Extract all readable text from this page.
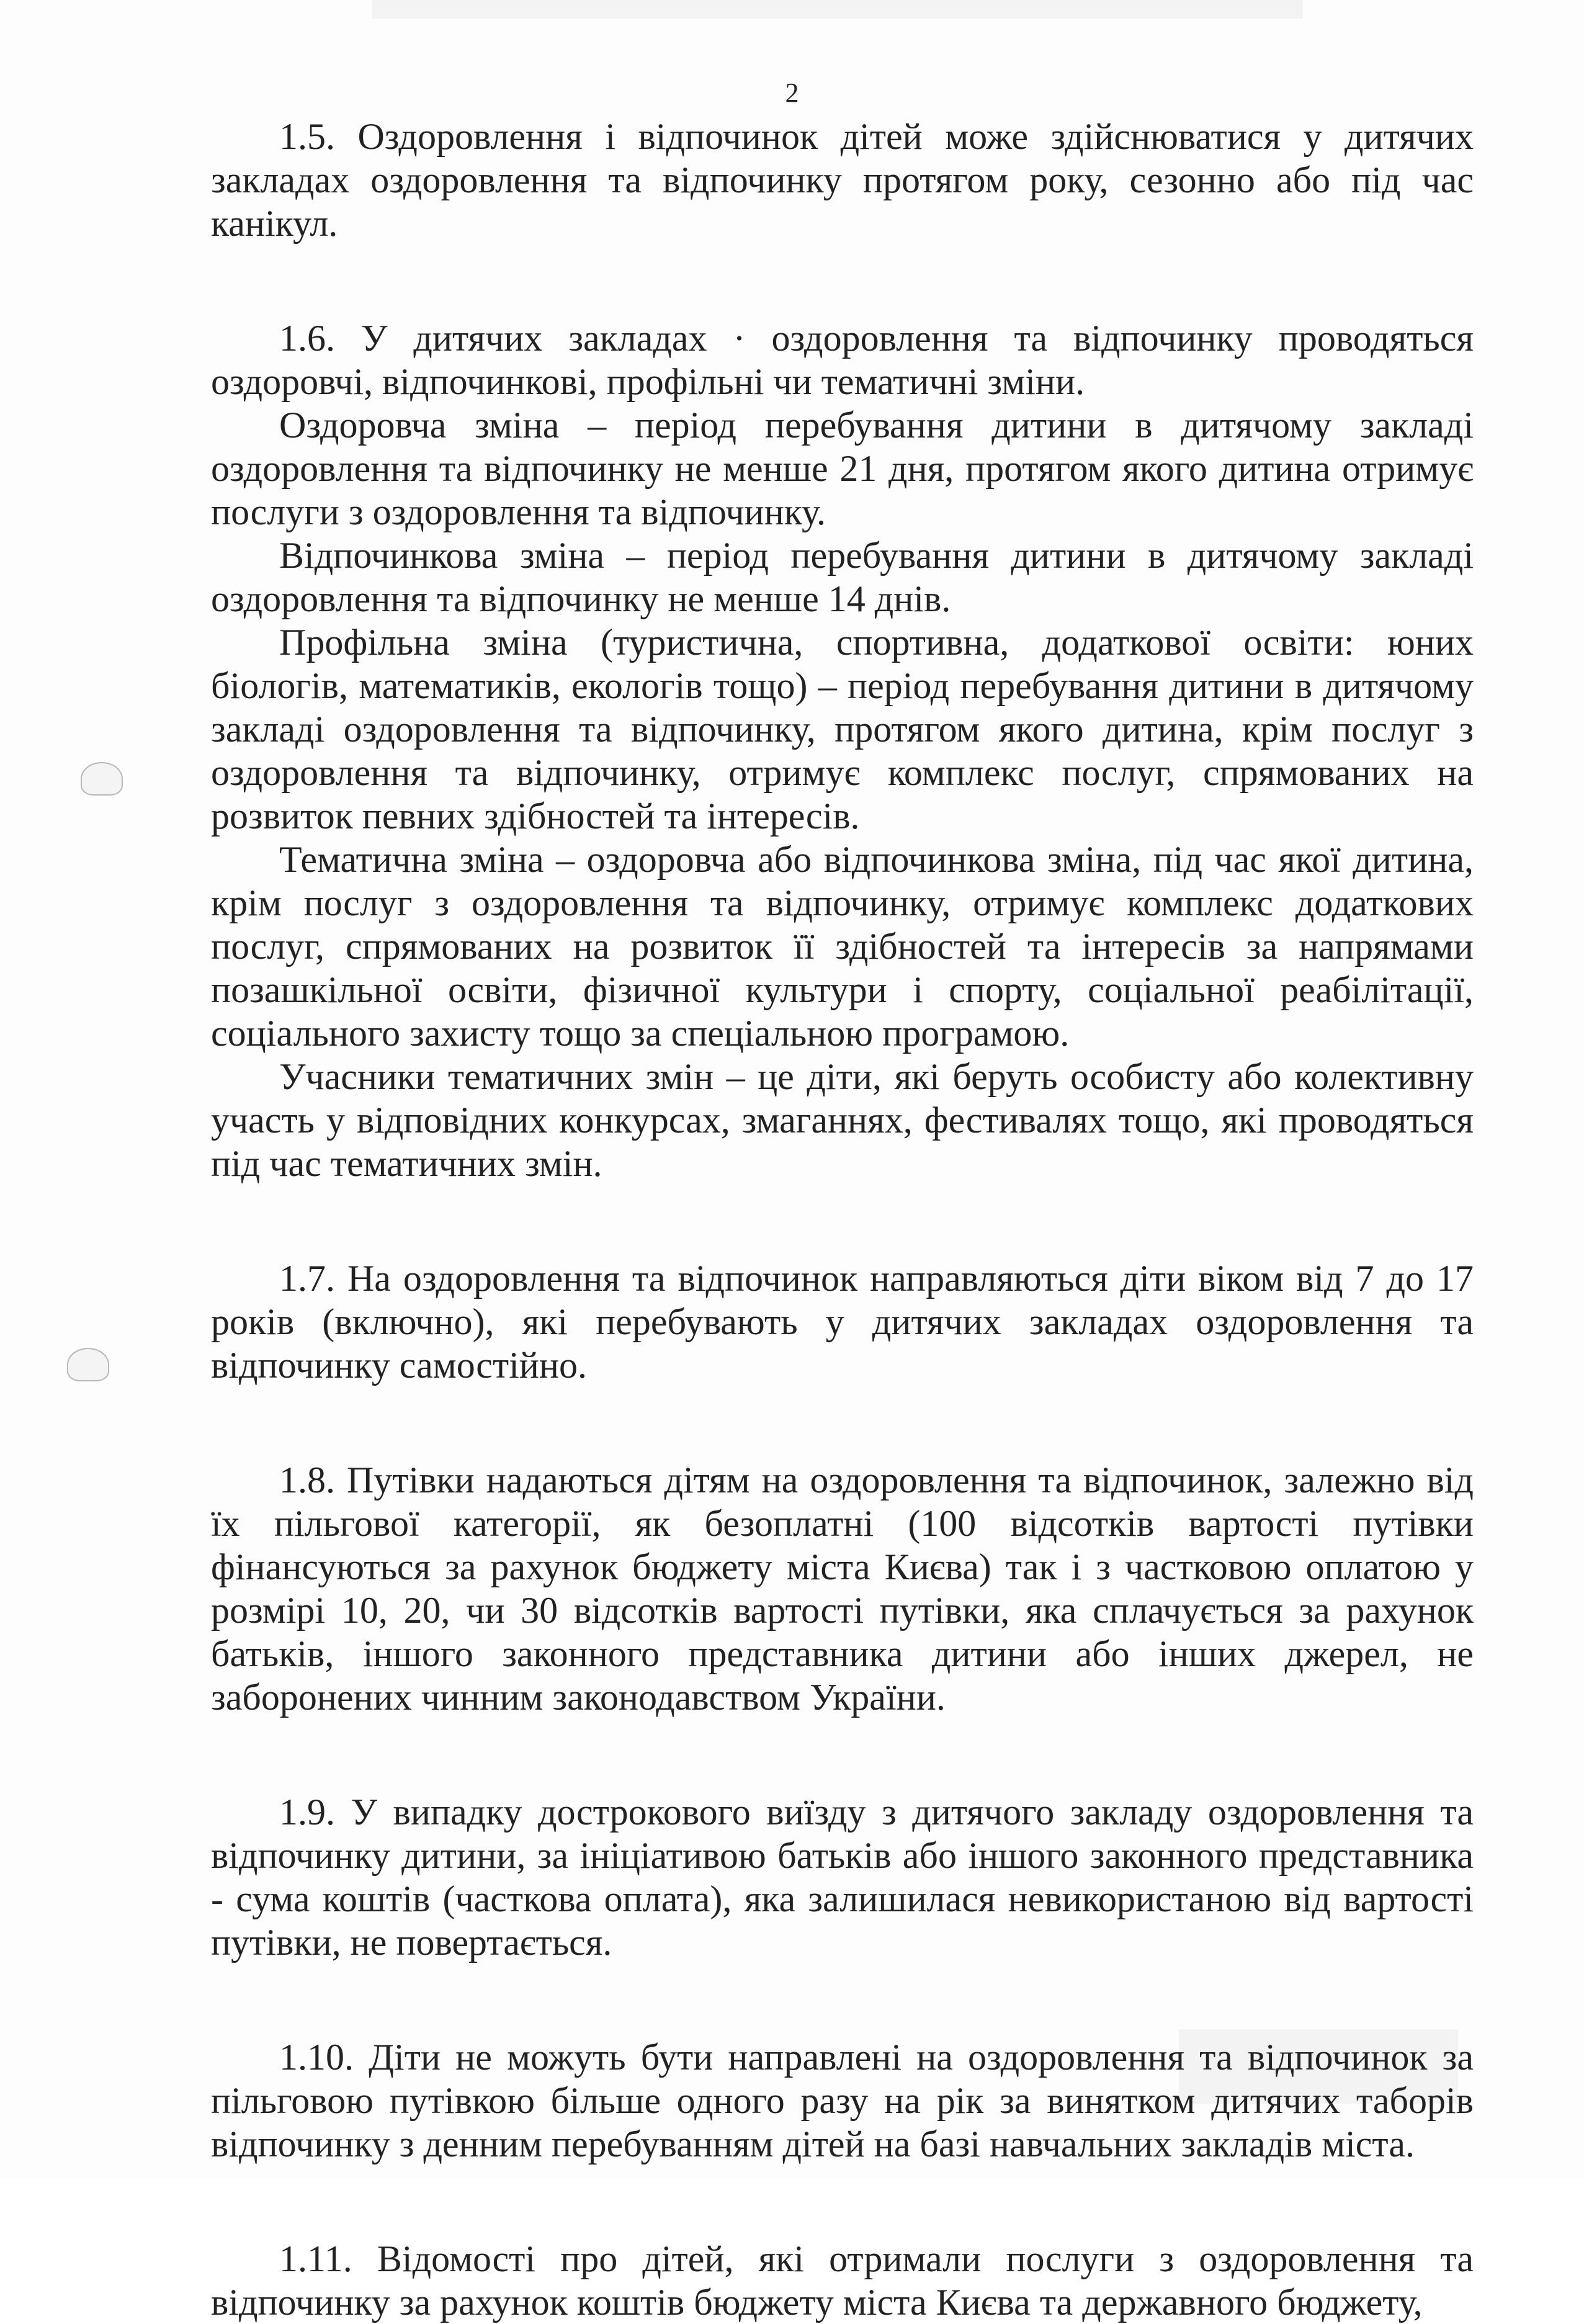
2

1.5. Оздоровлення і відпочинок дітей може здійснюватися у дитячих закладах оздоровлення та відпочинку протягом року, сезонно або під час канікул.

1.6. У дитячих закладах · оздоровлення та відпочинку проводяться оздоровчі, відпочинкові, профільні чи тематичні зміни.

Оздоровча зміна – період перебування дитини в дитячому закладі оздоровлення та відпочинку не менше 21 дня, протягом якого дитина отримує послуги з оздоровлення та відпочинку.

Відпочинкова зміна – період перебування дитини в дитячому закладі оздоровлення та відпочинку не менше 14 днів.

Профільна зміна (туристична, спортивна, додаткової освіти: юних біологів, математиків, екологів тощо) – період перебування дитини в дитячому закладі оздоровлення та відпочинку, протягом якого дитина, крім послуг з оздоровлення та відпочинку, отримує комплекс послуг, спрямованих на розвиток певних здібностей та інтересів.

Тематична зміна – оздоровча або відпочинкова зміна, під час якої дитина, крім послуг з оздоровлення та відпочинку, отримує комплекс додаткових послуг, спрямованих на розвиток її здібностей та інтересів за напрямами позашкільної освіти, фізичної культури і спорту, соціальної реабілітації, соціального захисту тощо за спеціальною програмою.

Учасники тематичних змін – це діти, які беруть особисту або колективну участь у відповідних конкурсах, змаганнях, фестивалях тощо, які проводяться під час тематичних змін.

1.7. На оздоровлення та відпочинок направляються діти віком від 7 до 17 років (включно), які перебувають у дитячих закладах оздоровлення та відпочинку самостійно.

1.8. Путівки надаються дітям на оздоровлення та відпочинок, залежно від їх пільгової категорії, як безоплатні (100 відсотків вартості путівки фінансуються за рахунок бюджету міста Києва) так і з частковою оплатою у розмірі 10, 20, чи 30 відсотків вартості путівки, яка сплачується за рахунок батьків, іншого законного представника дитини або інших джерел, не заборонених чинним законодавством України.

1.9. У випадку дострокового виїзду з дитячого закладу оздоровлення та відпочинку дитини, за ініціативою батьків або іншого законного представника - сума коштів (часткова оплата), яка залишилася невикористаною від вартості путівки, не повертається.

1.10. Діти не можуть бути направлені на оздоровлення та відпочинок за пільговою путівкою більше одного разу на рік за винятком дитячих таборів відпочинку з денним перебуванням дітей на базі навчальних закладів міста.

1.11. Відомості про дітей, які отримали послуги з оздоровлення та відпочинку за рахунок коштів бюджету міста Києва та державного бюджету,
